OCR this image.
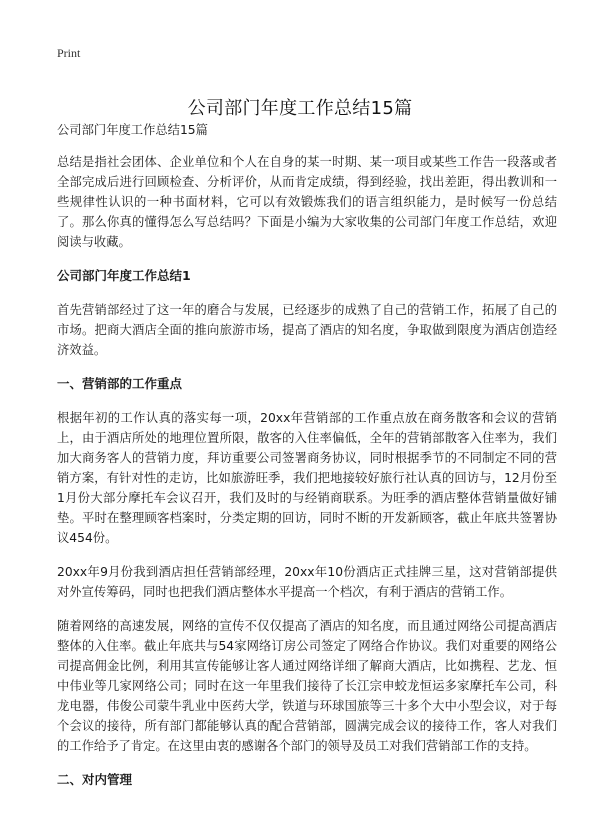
Print
公司部门年度工作总结15篇

公司部门年度工作总结15篇

总结是指社会团体、企业单位和个人在自身的某一时期、某一项目或某些工作告一段落或者全部完成后进行回顾检查、分析评价，从而肯定成绩，得到经验，找出差距，得出教训和一些规律性认识的一种书面材料，它可以有效锻炼我们的语言组织能力，是时候写一份总结了。那么你真的懂得怎么写总结吗？下面是小编为大家收集的公司部门年度工作总结，欢迎阅读与收藏。

公司部门年度工作总结1

首先营销部经过了这一年的磨合与发展，已经逐步的成熟了自己的营销工作，拓展了自己的市场。把商大酒店全面的推向旅游市场，提高了酒店的知名度，争取做到限度为酒店创造经济效益。

一、营销部的工作重点

根据年初的工作认真的落实每一项，20xx年营销部的工作重点放在商务散客和会议的营销上，由于酒店所处的地理位置所限，散客的入住率偏低，全年的营销部散客入住率为，我们加大商务客人的营销力度，拜访重要公司签署商务协议，同时根据季节的不同制定不同的营销方案，有针对性的走访，比如旅游旺季，我们把地接较好旅行社认真的回访与，12月份至1月份大部分摩托车会议召开，我们及时的与经销商联系。为旺季的酒店整体营销量做好铺垫。平时在整理顾客档案时，分类定期的回访，同时不断的开发新顾客，截止年底共签署协议454份。

20xx年9月份我到酒店担任营销部经理，20xx年10份酒店正式挂牌三星，这对营销部提供对外宣传筹码，同时也把我们酒店整体水平提高一个档次，有利于酒店的营销工作。

随着网络的高速发展，网络的宣传不仅仅提高了酒店的知名度，而且通过网络公司提高酒店整体的入住率。截止年底共与54家网络订房公司签定了网络合作协议。我们对重要的网络公司提高佣金比例，利用其宣传能够让客人通过网络详细了解商大酒店，比如携程、艺龙、恒中伟业等几家网络公司；同时在这一年里我们接待了长江宗申蛟龙恒运多家摩托车公司，科龙电器，伟俊公司蒙牛乳业中医药大学，铁道与环球国旅等三十多个大中小型会议，对于每个会议的接待，所有部门都能够认真的配合营销部，圆满完成会议的接待工作，客人对我们的工作给予了肯定。在这里由衷的感谢各个部门的领导及员工对我们营销部工作的支持。

二、对内管理
